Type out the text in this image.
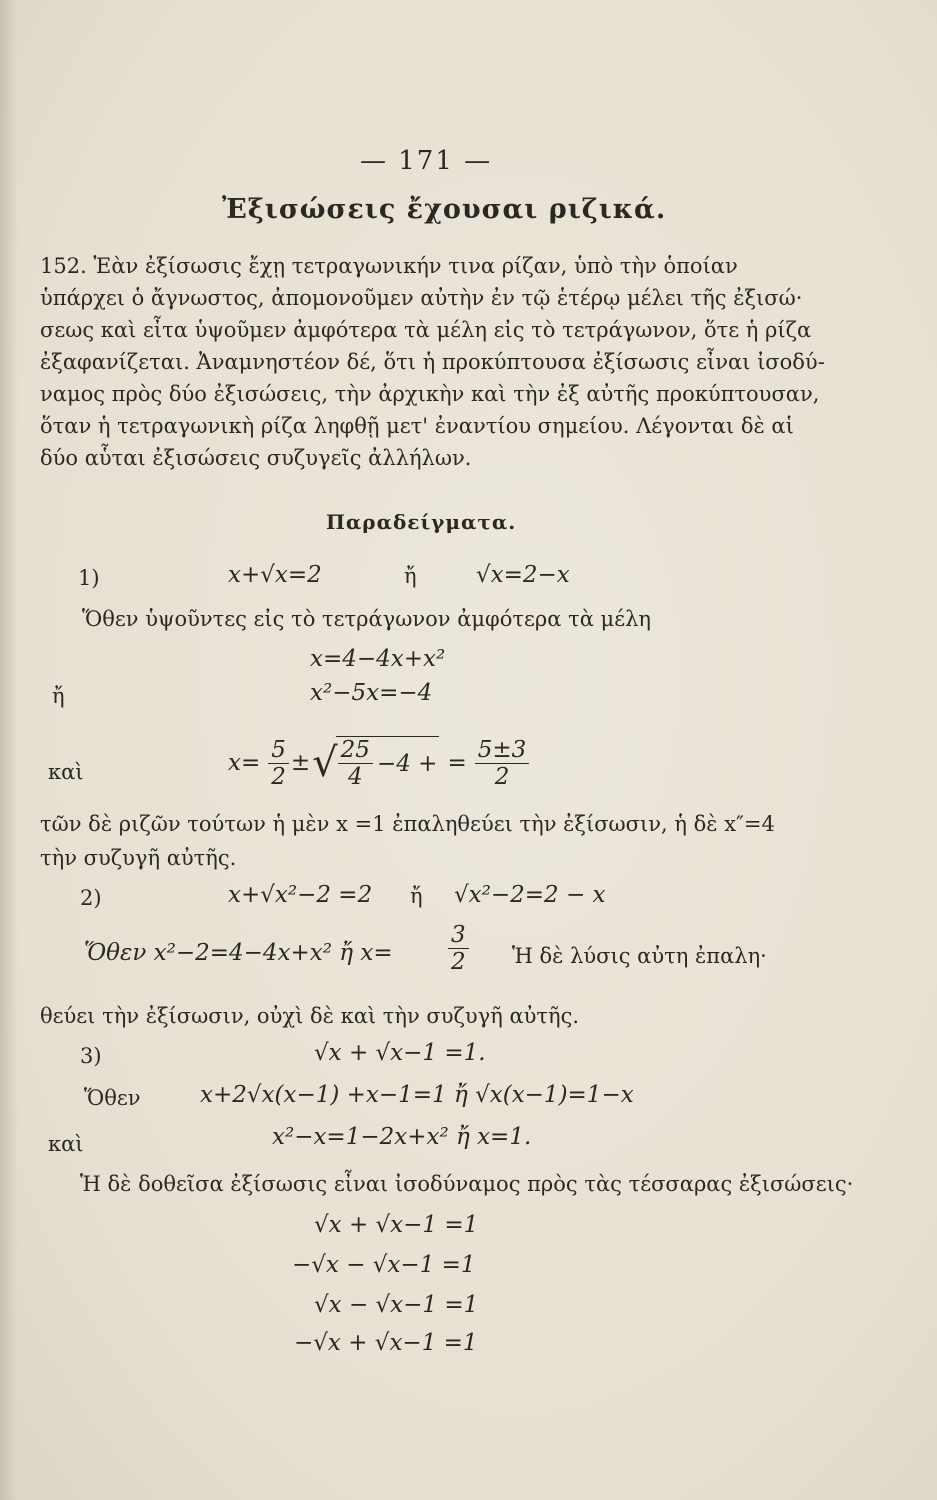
— 171 —
Ἐξισώσεις ἔχουσαι ριζικά.
152. Ἐὰν ἐξίσωσις ἔχῃ τετραγωνικήν τινα ρίζαν, ὑπὸ τὴν ὁποίαν
ὑπάρχει ὁ ἄγνωστος, ἀπομονοῦμεν αὐτὴν ἐν τῷ ἑτέρῳ μέλει τῆς ἐξισώ·
σεως καὶ εἶτα ὑψοῦμεν ἀμφότερα τὰ μέλη εἰς τὸ τετράγωνον, ὅτε ἡ ρίζα
ἐξαφανίζεται. Ἀναμνηστέον δέ, ὅτι ἡ προκύπτουσα ἐξίσωσις εἶναι ἰσοδύ-
ναμος πρὸς δύο ἐξισώσεις, τὴν ἀρχικὴν καὶ τὴν ἐξ αὐτῆς προκύπτουσαν,
ὅταν ἡ τετραγωνικὴ ρίζα ληφθῇ μετ' ἐναντίου σημείου. Λέγονται δὲ αἱ
δύο αὗται ἐξισώσεις συζυγεῖς ἀλλήλων.
Παραδείγματα.
1)	x+√x=2	ἤ	√x=2−x
Ὅθεν ὑψοῦντες εἰς τὸ τετράγωνον ἀμφότερα τὰ μέλη
x=4−4x+x²
ἤ	x²−5x=−4
καὶ	$x= \frac{5}{2}$ ± √ $\frac{25}{4} -4$ + = $\frac{5\pm 3}{2}$
τῶν δὲ ριζῶν τούτων ἡ μὲν x =1 ἐπαληθεύει τὴν ἐξίσωσιν, ἡ δὲ x″=4
τὴν συζυγῆ αὐτῆς.
2)	x+√x²−2 =2 ἤ √x²−2=2 − x
Ὅθεν x²−2=4−4x+x² ἤ $x= \frac{3}{2}$ Ἡ δὲ λύσις αὐτη ἐπαλη·
θεύει τὴν ἐξίσωσιν, οὐχὶ δὲ καὶ τὴν συζυγῆ αὐτῆς.
3)	√x + √x−1 =1.
Ὅθεν	x+2√x(x−1) +x−1=1 ἤ √x(x−1)=1−x
καὶ	x²−x=1−2x+x² ἤ x=1.
Ἡ δὲ δοθεῖσα ἐξίσωσις εἶναι ἰσοδύναμος πρὸς τὰς τέσσαρας ἐξισώσεις·
√x + √x−1 =1
−√x − √x−1 =1
√x − √x−1 =1
−√x + √x−1 =1
